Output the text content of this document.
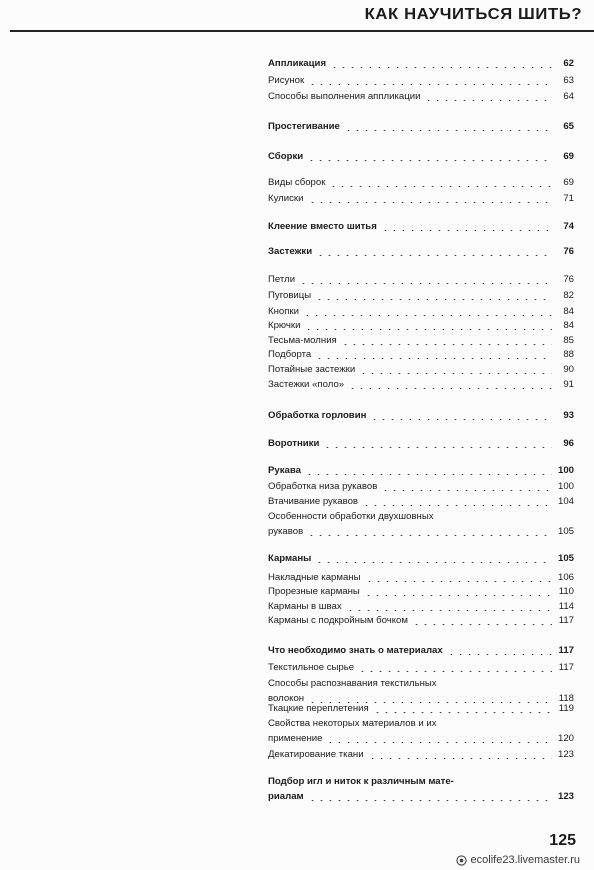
КАК НАУЧИТЬСЯ ШИТЬ?
Аппликация	62
Рисунок	63
Способы выполнения аппликации	64
Простегивание	65
Сборки	69
Виды сборок	69
Кулиски	71
Клеение вместо шитья	74
Застежки	76
Петли	76
Пуговицы	82
Кнопки	84
Крючки	84
Тесьма-молния	85
Подборта	88
Потайные застежки	90
Застежки «поло»	91
Обработка горловин	93
Воротники	96
Рукава	100
Обработка низа рукавов	100
Втачивание рукавов	104
Особенности обработки двухшовных
рукавов	105
Карманы	105
Накладные карманы	106
Прорезные карманы	110
Карманы в швах	114
Карманы с подкройным бочком	117
Что необходимо знать о материалах	117
Текстильное сырье	117
Способы распознавания текстильных
волокон	118
Ткацкие переплетения	119
Свойства некоторых материалов и их
применение	120
Декатирование ткани	123
Подбор игл и ниток к различным мате-
риалам	123
125
ecolife23.livemaster.ru
